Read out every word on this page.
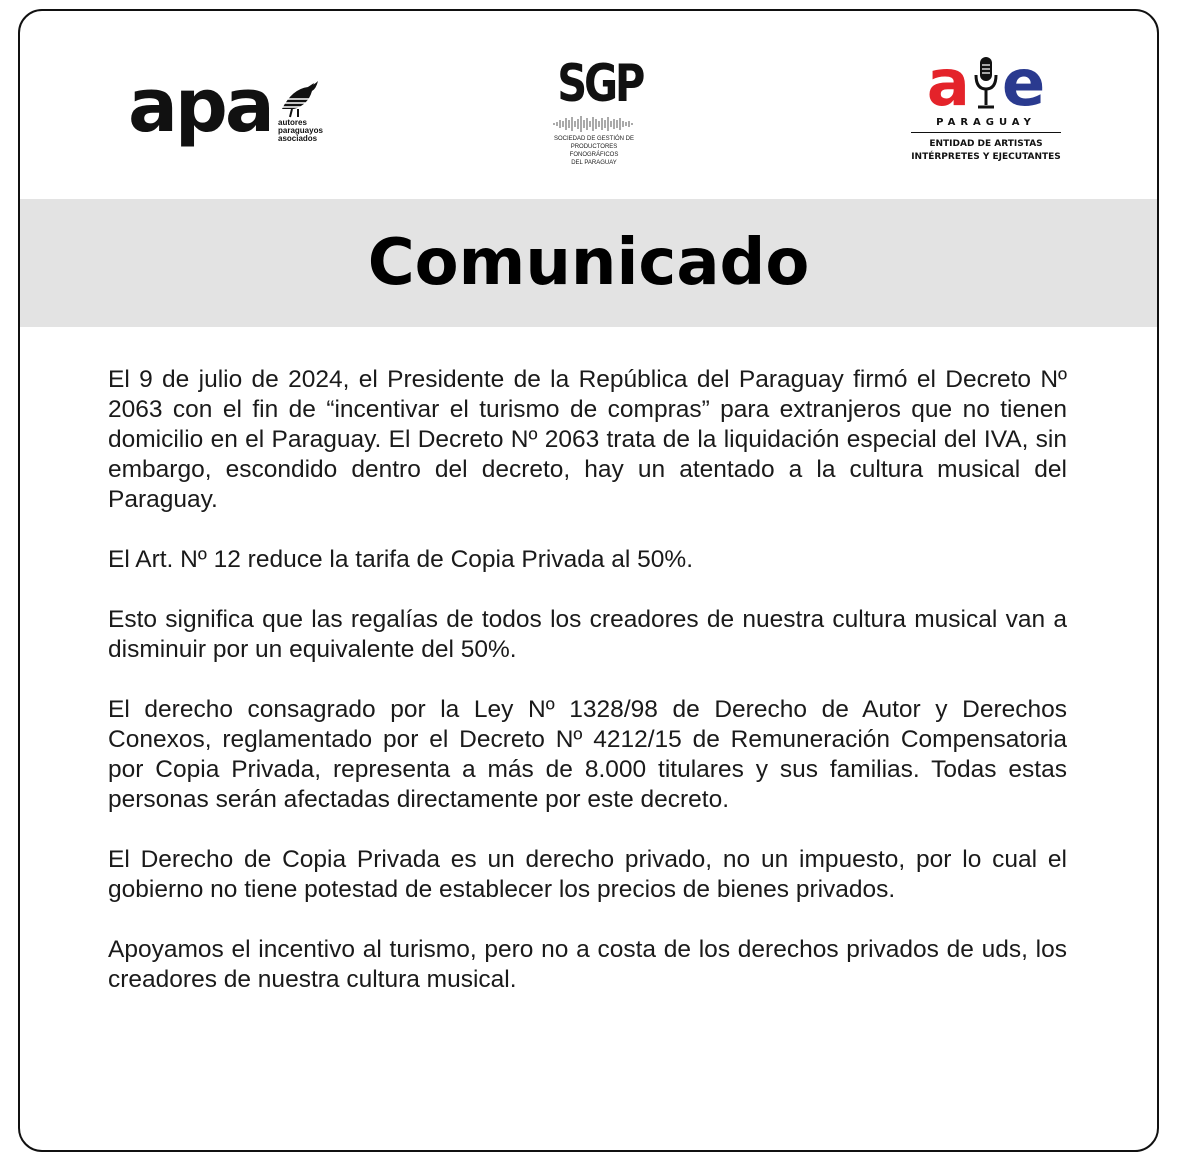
apa autores
paraguayos
asociados
SGP
SOCIEDAD DE GESTIÓN DE
PRODUCTORES FONOGRÁFICOS
DEL PARAGUAY
a e
PARAGUAY
ENTIDAD DE ARTISTAS
INTÉRPRETES Y EJECUTANTES
Comunicado

El 9 de julio de 2024, el Presidente de la República del Paraguay firmó el Decreto Nº 2063 con el fin de “incentivar el turismo de compras” para extranjeros que no tienen domicilio en el Paraguay. El Decreto Nº 2063 trata de la liquidación especial del IVA, sin embargo, escondido dentro del decreto, hay un atentado a la cultura musical del Paraguay.

El Art. Nº 12 reduce la tarifa de Copia Privada al 50%.

Esto significa que las regalías de todos los creadores de nuestra cultura musical van a disminuir por un equivalente del 50%.

El derecho consagrado por la Ley Nº 1328/98 de Derecho de Autor y Derechos Conexos, reglamentado por el Decreto Nº 4212/15 de Remuneración Compensatoria por Copia Privada, representa a más de 8.000 titulares y sus familias. Todas estas personas serán afectadas directamente por este decreto.

El Derecho de Copia Privada es un derecho privado, no un impuesto, por lo cual el gobierno no tiene potestad de establecer los precios de bienes privados.

Apoyamos el incentivo al turismo, pero no a costa de los derechos privados de uds, los creadores de nuestra cultura musical.
